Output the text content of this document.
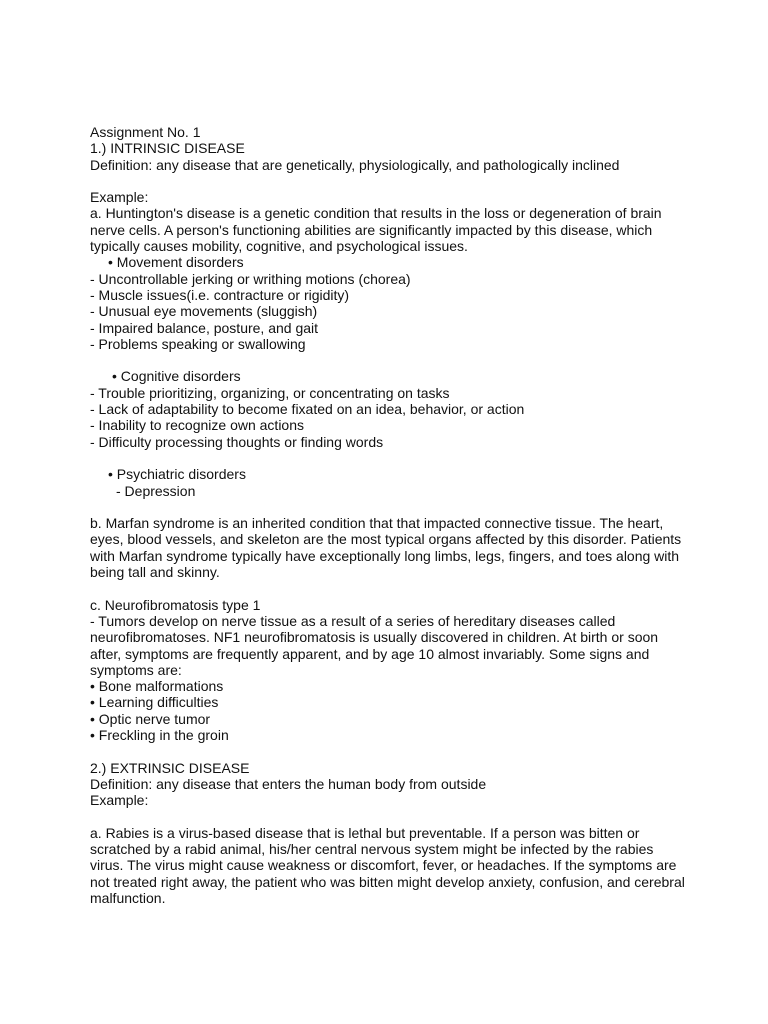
Assignment No. 1

1.) INTRINSIC DISEASE

Definition: any disease that are genetically, physiologically, and pathologically inclined

Example:

a. Huntington's disease is a genetic condition that results in the loss or degeneration of brain

nerve cells. A person's functioning abilities are significantly impacted by this disease, which

typically causes mobility, cognitive, and psychological issues.

• Movement disorders

- Uncontrollable jerking or writhing motions (chorea)

- Muscle issues(i.e. contracture or rigidity)

- Unusual eye movements (sluggish)

- Impaired balance, posture, and gait

- Problems speaking or swallowing

• Cognitive disorders

- Trouble prioritizing, organizing, or concentrating on tasks

- Lack of adaptability to become fixated on an idea, behavior, or action

- Inability to recognize own actions

- Difficulty processing thoughts or finding words

• Psychiatric disorders

- Depression

b. Marfan syndrome is an inherited condition that that impacted connective tissue. The heart,

eyes, blood vessels, and skeleton are the most typical organs affected by this disorder. Patients

with Marfan syndrome typically have exceptionally long limbs, legs, fingers, and toes along with

being tall and skinny.

c. Neurofibromatosis type 1

- Tumors develop on nerve tissue as a result of a series of hereditary diseases called

neurofibromatoses. NF1 neurofibromatosis is usually discovered in children. At birth or soon

after, symptoms are frequently apparent, and by age 10 almost invariably. Some signs and

symptoms are:

• Bone malformations

• Learning difficulties

• Optic nerve tumor

• Freckling in the groin

2.) EXTRINSIC DISEASE

Definition: any disease that enters the human body from outside

Example:

a. Rabies is a virus-based disease that is lethal but preventable. If a person was bitten or

scratched by a rabid animal, his/her central nervous system might be infected by the rabies

virus. The virus might cause weakness or discomfort, fever, or headaches. If the symptoms are

not treated right away, the patient who was bitten might develop anxiety, confusion, and cerebral

malfunction.
